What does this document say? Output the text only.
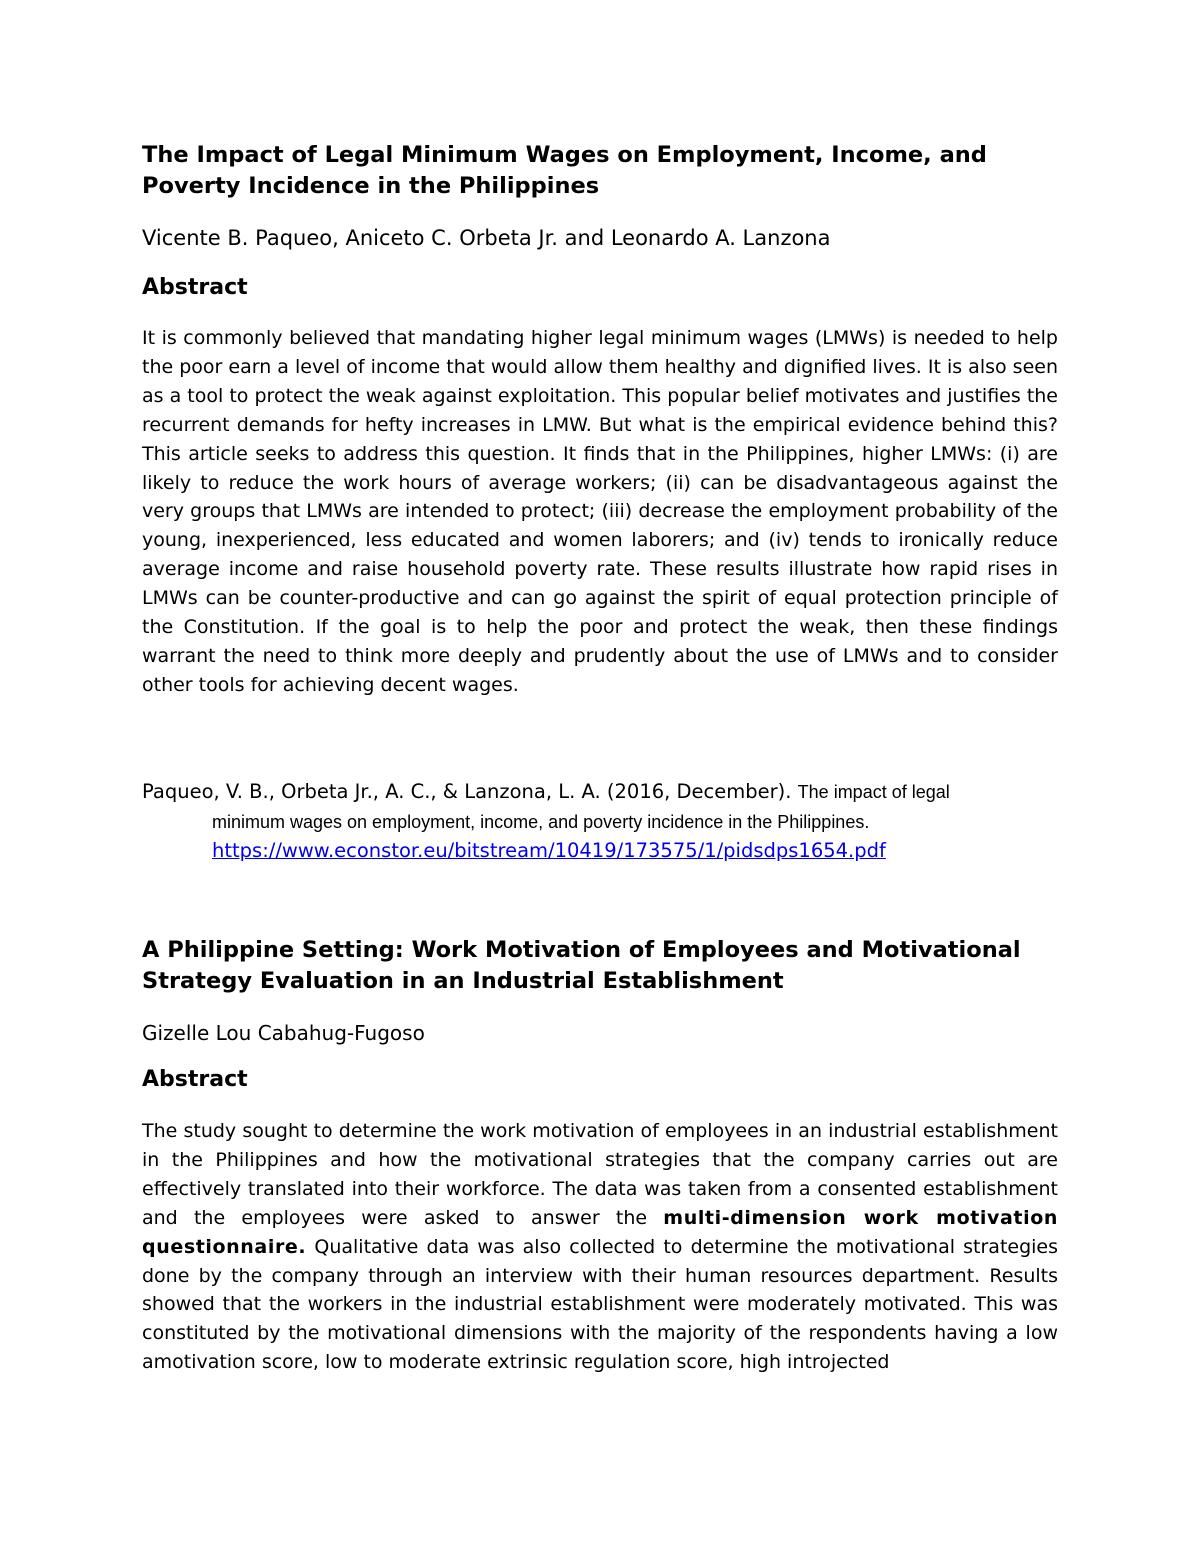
The Impact of Legal Minimum Wages on Employment, Income, and Poverty Incidence in the Philippines

Vicente B. Paqueo, Aniceto C. Orbeta Jr. and Leonardo A. Lanzona

Abstract

It is commonly believed that mandating higher legal minimum wages (LMWs) is needed to help the poor earn a level of income that would allow them healthy and dignified lives. It is also seen as a tool to protect the weak against exploitation. This popular belief motivates and justifies the recurrent demands for hefty increases in LMW. But what is the empirical evidence behind this? This article seeks to address this question. It finds that in the Philippines, higher LMWs: (i) are likely to reduce the work hours of average workers; (ii) can be disadvantageous against the very groups that LMWs are intended to protect; (iii) decrease the employment probability of the young, inexperienced, less educated and women laborers; and (iv) tends to ironically reduce average income and raise household poverty rate. These results illustrate how rapid rises in LMWs can be counter-productive and can go against the spirit of equal protection principle of the Constitution. If the goal is to help the poor and protect the weak, then these findings warrant the need to think more deeply and prudently about the use of LMWs and to consider other tools for achieving decent wages.

Paqueo, V. B., Orbeta Jr., A. C., & Lanzona, L. A. (2016, December). The impact of legal

minimum wages on employment, income, and poverty incidence in the Philippines.

https://www.econstor.eu/bitstream/10419/173575/1/pidsdps1654.pdf

A Philippine Setting: Work Motivation of Employees and Motivational Strategy Evaluation in an Industrial Establishment

Gizelle Lou Cabahug-Fugoso

Abstract

The study sought to determine the work motivation of employees in an industrial establishment in the Philippines and how the motivational strategies that the company carries out are effectively translated into their workforce. The data was taken from a consented establishment and the employees were asked to answer the multi-dimension work motivation questionnaire. Qualitative data was also collected to determine the motivational strategies done by the company through an interview with their human resources department. Results showed that the workers in the industrial establishment were moderately motivated. This was constituted by the motivational dimensions with the majority of the respondents having a low amotivation score, low to moderate extrinsic regulation score, high introjected
